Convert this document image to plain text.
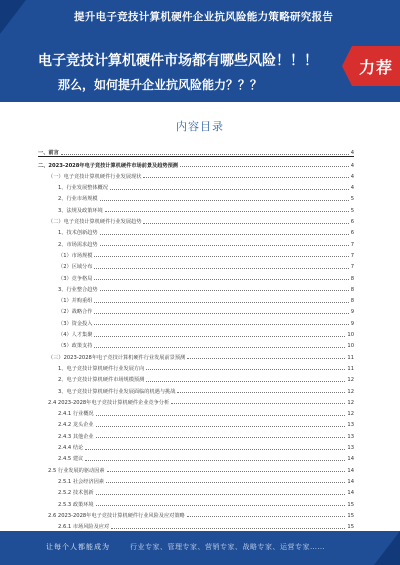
提升电子竞技计算机硬件企业抗风险能力策略研究报告
电子竞技计算机硬件市场都有哪些风险！！！
那么，如何提升企业抗风险能力？？？
力荐
内容目录
一、前言	4
二、2023-2028年电子竞技计算机硬件市场前景及趋势预测	4
（一）电子竞技计算机硬件行业发展现状	4
1、行业发展整体概况	4
2、行业市场规模	5
3、法规及政策环境	5
（二）电子竞技计算机硬件行业发展趋势	6
1、技术创新趋势	6
2、市场需求趋势	7
（1）市场规模	7
（2）区域分布	7
（3）竞争格局	8
3、行业整合趋势	8
（1）并购重组	8
（2）战略合作	9
（3）资金投入	9
（4）人才集聚	10
（5）政策支持	10
（三）2023-2028年电子竞技计算机硬件行业发展前景预测	11
1、电子竞技计算机硬件行业发展方向	11
2、电子竞技计算机硬件市场规模预测	12
3、电子竞技计算机硬件行业发展面临的机遇与挑战	12
2.4 2023-2028年电子竞技计算机硬件企业竞争分析	12
2.4.1 行业概况	12
2.4.2 龙头企业	13
2.4.3 其他企业	13
2.4.4 结论	13
2.4.5 建议	14
2.5 行业发展的驱动因素	14
2.5.1 社会经济因素	14
2.5.2 技术创新	14
2.5.3 政策环境	15
2.6 2023-2028年电子竞技计算机硬件行业风险及应对策略	15
2.6.1 市场风险及应对	15
让每个人都能成为	行业专家、管理专家、营销专家、战略专家、运营专家……
